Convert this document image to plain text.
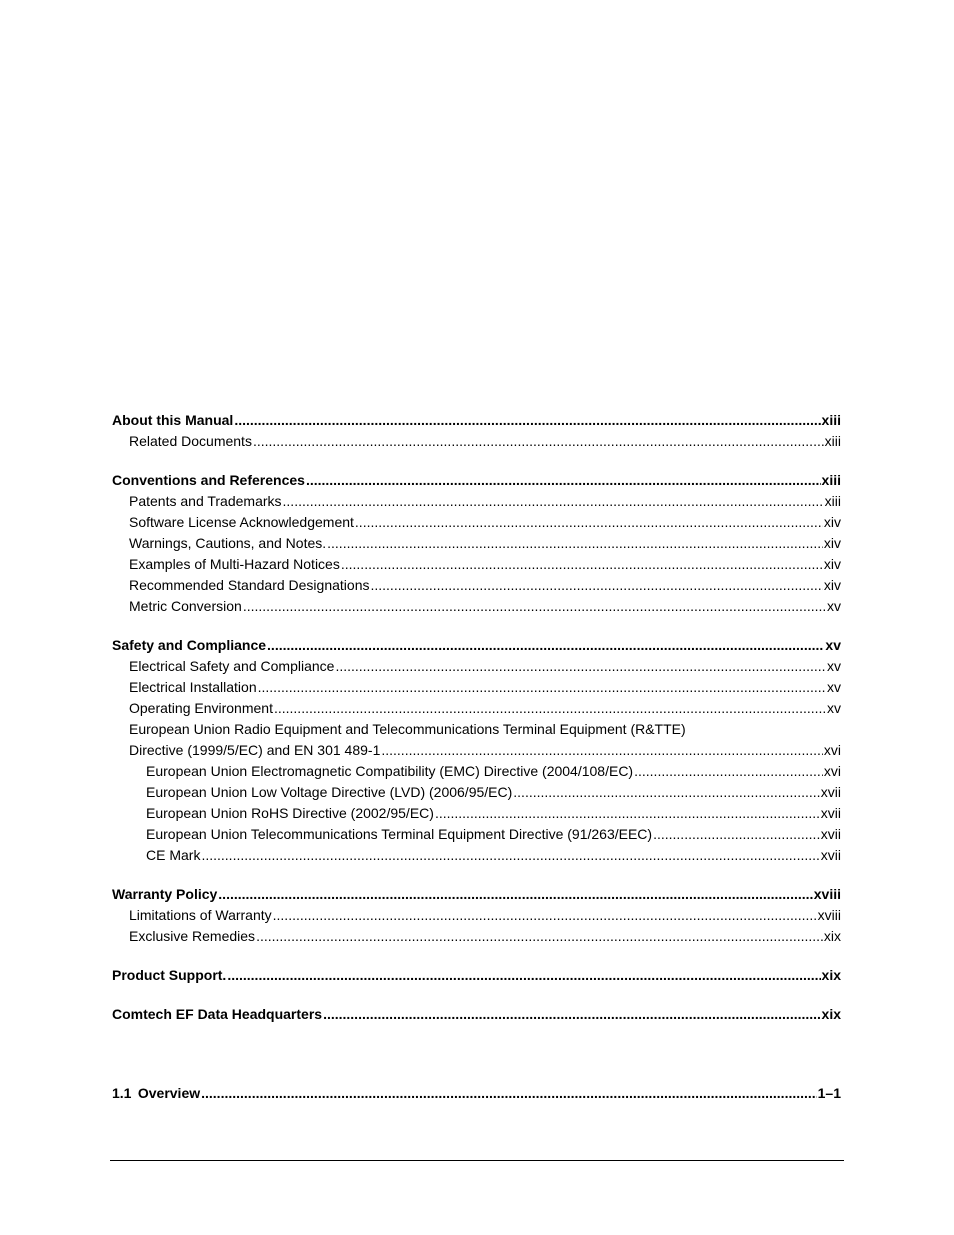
About this Manual .....	xiii
Related Documents .....	xiii
Conventions and References .....	xiii
Patents and Trademarks .....	xiii
Software License Acknowledgement .....	xiv
Warnings, Cautions, and Notes. .....	xiv
Examples of Multi-Hazard Notices .....	xiv
Recommended Standard Designations .....	xiv
Metric Conversion .....	xv
Safety and Compliance .....	xv
Electrical Safety and Compliance .....	xv
Electrical Installation .....	xv
Operating Environment .....	xv
European Union Radio Equipment and Telecommunications Terminal Equipment (R&TTE)
Directive (1999/5/EC) and EN 301 489-1 .....	xvi
European Union Electromagnetic Compatibility (EMC) Directive (2004/108/EC) .....	xvi
European Union Low Voltage Directive (LVD) (2006/95/EC) .....	xvii
European Union RoHS Directive (2002/95/EC) .....	xvii
European Union Telecommunications Terminal Equipment Directive (91/263/EEC) .....	xvii
CE Mark .....	xvii
Warranty Policy .....	xviii
Limitations of Warranty .....	xviii
Exclusive Remedies .....	xix
Product Support. .....	xix
Comtech EF Data Headquarters .....	xix
1.1 Overview .....	1–1
